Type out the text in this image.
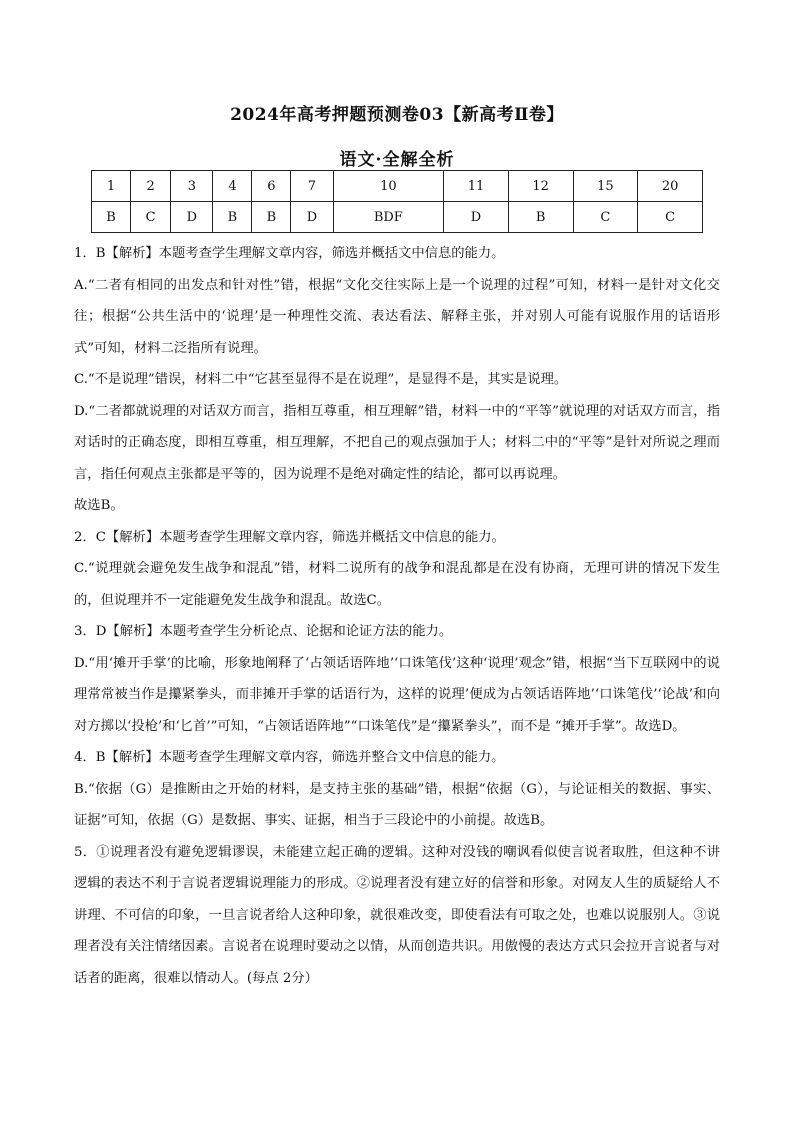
2024年高考押题预测卷03【新高考Ⅱ卷】
语文·全解全析
1	2	3	4	6	7	10	11	12	15	20
B	C	D	B	B	D	BDF	D	B	C	C

1．B【解析】本题考查学生理解文章内容，筛选并概括文中信息的能力。

A.“二者有相同的出发点和针对性”错，根据“文化交往实际上是一个说理的过程”可知，材料一是针对文化交往；根据“公共生活中的‘说理’是一种理性交流、表达看法、解释主张，并对别人可能有说服作用的话语形式”可知，材料二泛指所有说理。

C.“不是说理”错误，材料二中“它甚至显得不是在说理”，是显得不是，其实是说理。

D.“二者都就说理的对话双方而言，指相互尊重，相互理解”错，材料一中的“平等”就说理的对话双方而言，指对话时的正确态度，即相互尊重，相互理解，不把自己的观点强加于人；材料二中的“平等”是针对所说之理而言，指任何观点主张都是平等的，因为说理不是绝对确定性的结论，都可以再说理。

故选B。

2．C【解析】本题考查学生理解文章内容，筛选并概括文中信息的能力。

C.“说理就会避免发生战争和混乱”错，材料二说所有的战争和混乱都是在没有协商，无理可讲的情况下发生的，但说理并不一定能避免发生战争和混乱。故选C。

3．D【解析】本题考查学生分析论点、论据和论证方法的能力。

D.“用‘摊开手掌’的比喻，形象地阐释了‘占领话语阵地’‘口诛笔伐’这种‘说理’观念”错，根据“当下互联网中的说理常常被当作是攥紧拳头，而非摊开手掌的话语行为，这样的说理’便成为占领话语阵地’‘口诛笔伐’‘论战’和向对方掷以‘投枪’和‘匕首’”可知，“占领话语阵地”“口诛笔伐”是“攥紧拳头”，而不是 “摊开手掌”。故选D。

4．B【解析】本题考查学生理解文章内容，筛选并整合文中信息的能力。

B.“依据（G）是推断由之开始的材料，是支持主张的基础”错，根据“依据（G），与论证相关的数据、事实、证据”可知，依据（G）是数据、事实、证据，相当于三段论中的小前提。故选B。

5．①说理者没有避免逻辑谬误，未能建立起正确的逻辑。这种对没钱的嘲讽看似使言说者取胜，但这种不讲逻辑的表达不利于言说者逻辑说理能力的形成。②说理者没有建立好的信誉和形象。对网友人生的质疑给人不讲理、不可信的印象，一旦言说者给人这种印象，就很难改变，即使看法有可取之处，也难以说服别人。③说理者没有关注情绪因素。言说者在说理时要动之以情，从而创造共识。用傲慢的表达方式只会拉开言说者与对话者的距离，很难以情动人。(每点 2分）
